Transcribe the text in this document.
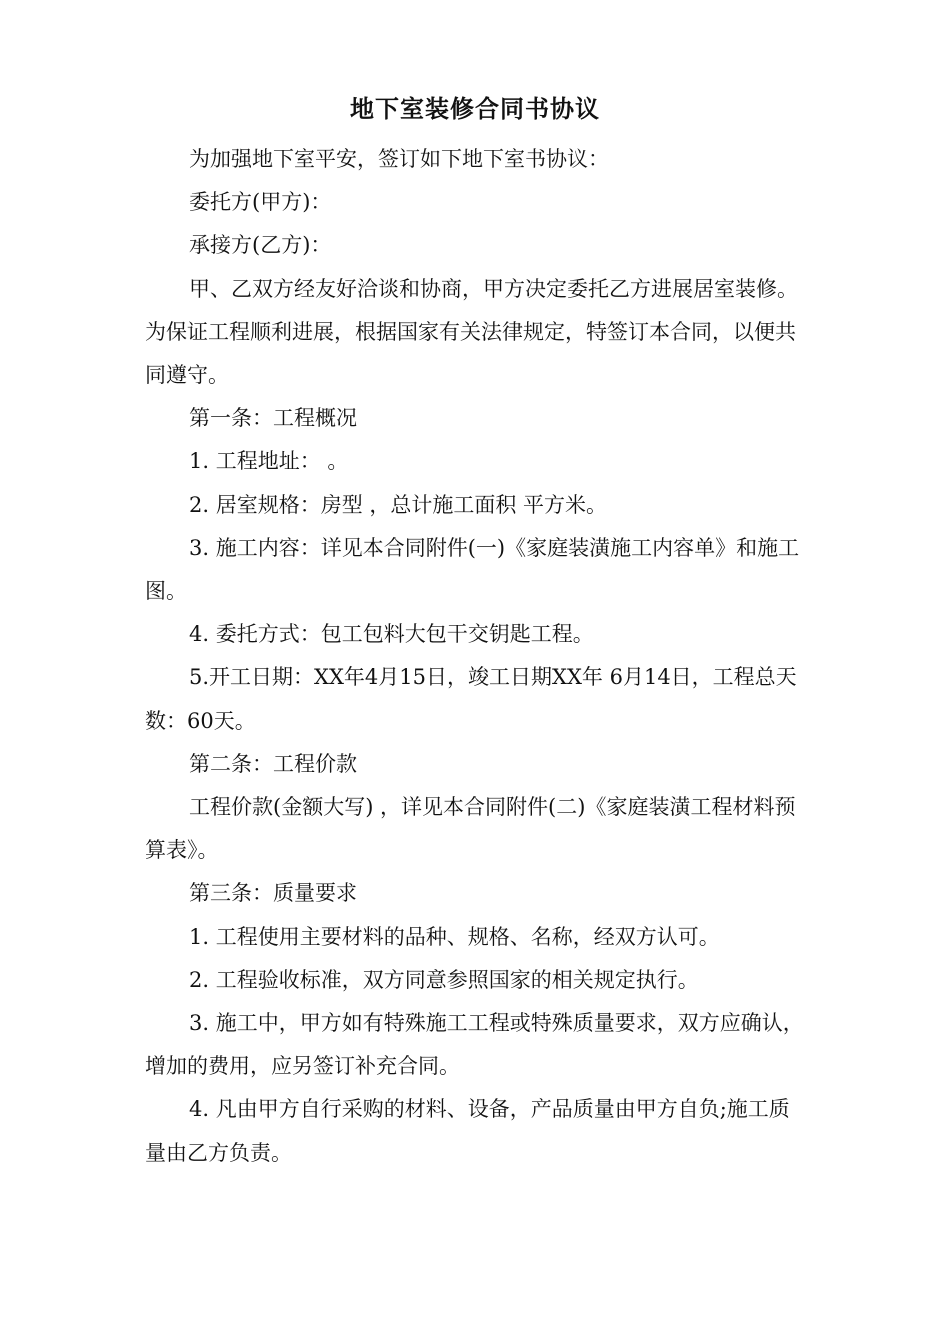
地下室装修合同书协议

为加强地下室平安，签订如下地下室书协议：

委托方(甲方)：

承接方(乙方)：

甲、乙双方经友好洽谈和协商，甲方决定委托乙方进展居室装修。为保证工程顺利进展，根据国家有关法律规定，特签订本合同，以便共同遵守。

第一条：工程概况

1. 工程地址： 。

2. 居室规格：房型 ，总计施工面积 平方米。

3. 施工内容：详见本合同附件(一)《家庭装潢施工内容单》和施工图。

4. 委托方式：包工包料大包干交钥匙工程。

5.开工日期：XX年4月15日，竣工日期XX年 6月14日，工程总天数：60天。

第二条：工程价款

工程价款(金额大写) ，详见本合同附件(二)《家庭装潢工程材料预算表》。

第三条：质量要求

1. 工程使用主要材料的品种、规格、名称，经双方认可。

2. 工程验收标准，双方同意参照国家的相关规定执行。

3. 施工中，甲方如有特殊施工工程或特殊质量要求，双方应确认，增加的费用，应另签订补充合同。

4. 凡由甲方自行采购的材料、设备，产品质量由甲方自负;施工质量由乙方负责。
